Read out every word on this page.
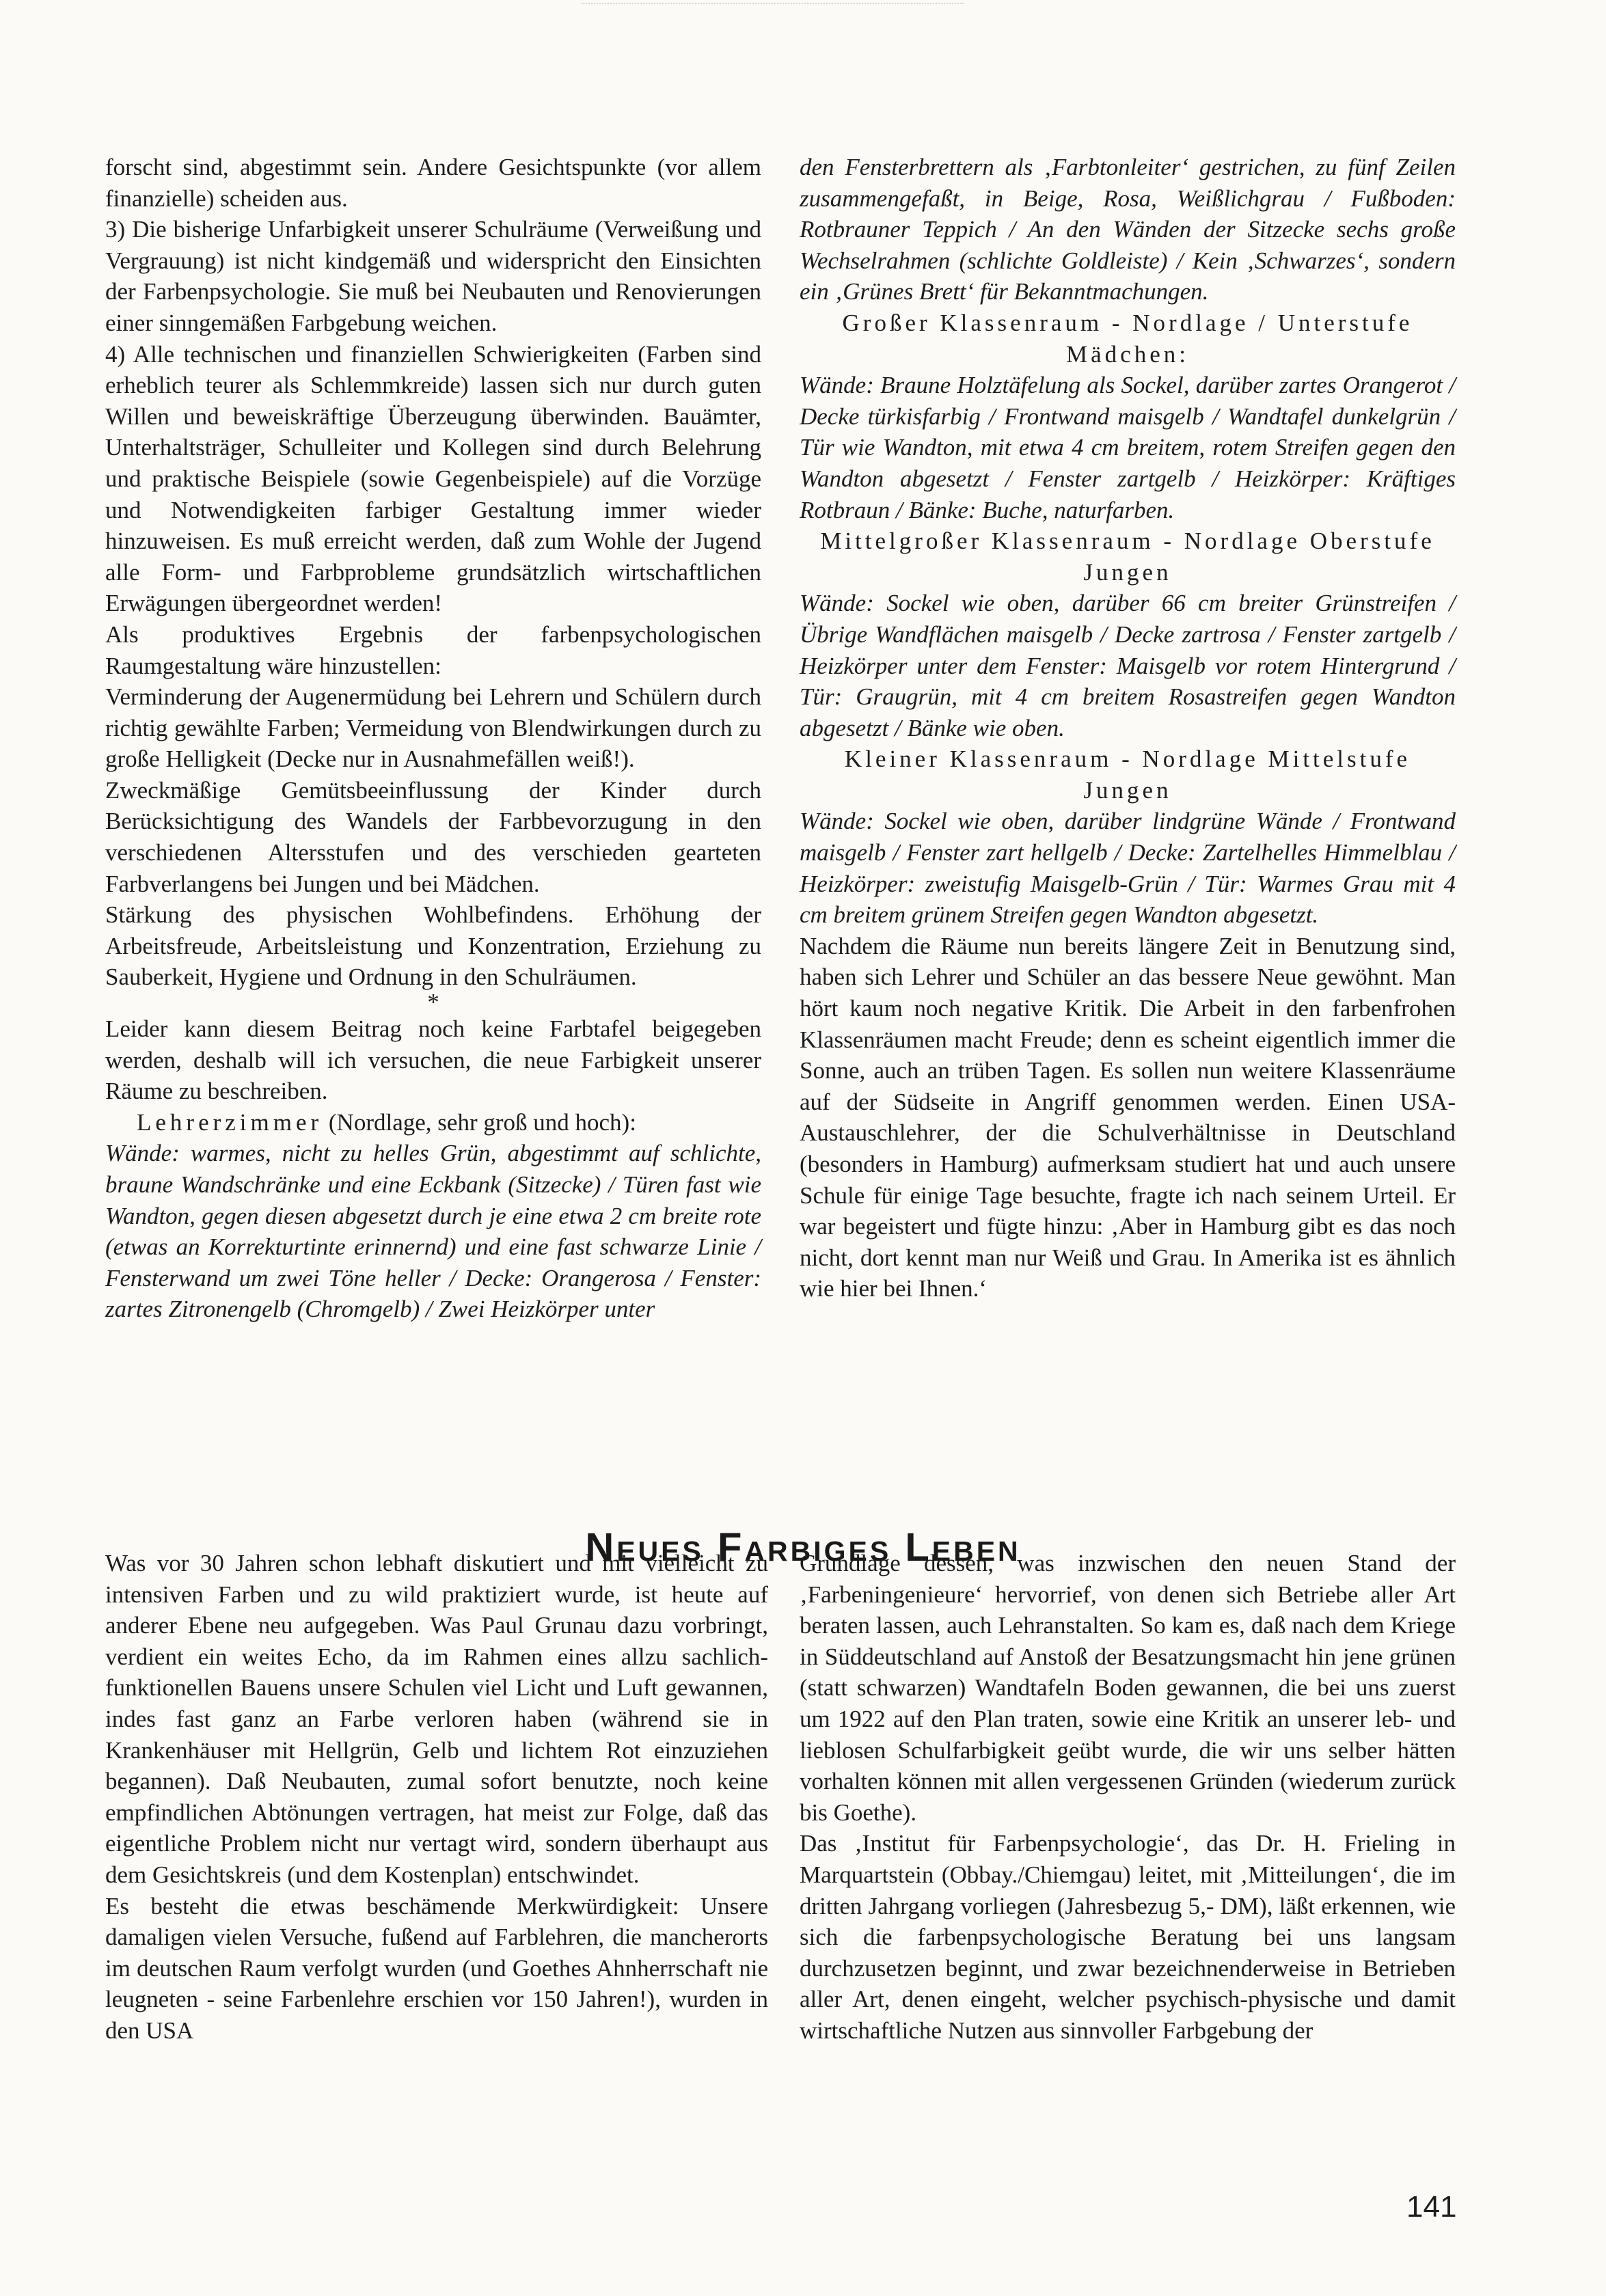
forscht sind, abgestimmt sein. Andere Gesichtspunkte (vor allem finanzielle) scheiden aus.

3) Die bisherige Unfarbigkeit unserer Schulräume (Verweißung und Vergrauung) ist nicht kindgemäß und widerspricht den Einsichten der Farbenpsychologie. Sie muß bei Neubauten und Renovierungen einer sinngemäßen Farbgebung weichen.

4) Alle technischen und finanziellen Schwierigkeiten (Farben sind erheblich teurer als Schlemmkreide) lassen sich nur durch guten Willen und beweiskräftige Überzeugung überwinden. Bauämter, Unterhaltsträger, Schulleiter und Kollegen sind durch Belehrung und praktische Beispiele (sowie Gegenbeispiele) auf die Vorzüge und Notwendigkeiten farbiger Gestaltung immer wieder hinzuweisen. Es muß erreicht werden, daß zum Wohle der Jugend alle Form- und Farbprobleme grundsätzlich wirtschaftlichen Erwägungen übergeordnet werden!

Als produktives Ergebnis der farbenpsychologischen Raumgestaltung wäre hinzustellen:

Verminderung der Augenermüdung bei Lehrern und Schülern durch richtig gewählte Farben; Vermeidung von Blendwirkungen durch zu große Helligkeit (Decke nur in Ausnahmefällen weiß!).

Zweckmäßige Gemütsbeeinflussung der Kinder durch Berücksichtigung des Wandels der Farbbevorzugung in den verschiedenen Altersstufen und des verschieden gearteten Farbverlangens bei Jungen und bei Mädchen.

Stärkung des physischen Wohlbefindens. Erhöhung der Arbeitsfreude, Arbeitsleistung und Konzentration, Erziehung zu Sauberkeit, Hygiene und Ordnung in den Schulräumen.

*

Leider kann diesem Beitrag noch keine Farbtafel beigegeben werden, deshalb will ich versuchen, die neue Farbigkeit unserer Räume zu beschreiben.

Lehrerzimmer (Nordlage, sehr groß und hoch):

Wände: warmes, nicht zu helles Grün, abgestimmt auf schlichte, braune Wandschränke und eine Eckbank (Sitzecke) / Türen fast wie Wandton, gegen diesen abgesetzt durch je eine etwa 2 cm breite rote (etwas an Korrekturtinte erinnernd) und eine fast schwarze Linie / Fensterwand um zwei Töne heller / Decke: Orangerosa / Fenster: zartes Zitronengelb (Chromgelb) / Zwei Heizkörper unter

den Fensterbrettern als ‚Farbtonleiter‘ gestrichen, zu fünf Zeilen zusammengefaßt, in Beige, Rosa, Weißlichgrau / Fußboden: Rotbrauner Teppich / An den Wänden der Sitzecke sechs große Wechselrahmen (schlichte Goldleiste) / Kein ‚Schwarzes‘, sondern ein ‚Grünes Brett‘ für Bekanntmachungen.

Großer Klassenraum - Nordlage / Unterstufe Mädchen:

Wände: Braune Holztäfelung als Sockel, darüber zartes Orangerot / Decke türkisfarbig / Frontwand maisgelb / Wandtafel dunkelgrün / Tür wie Wandton, mit etwa 4 cm breitem, rotem Streifen gegen den Wandton abgesetzt / Fenster zartgelb / Heizkörper: Kräftiges Rotbraun / Bänke: Buche, naturfarben.

Mittelgroßer Klassenraum - Nordlage Oberstufe Jungen

Wände: Sockel wie oben, darüber 66 cm breiter Grünstreifen / Übrige Wandflächen maisgelb / Decke zartrosa / Fenster zartgelb / Heizkörper unter dem Fenster: Maisgelb vor rotem Hintergrund / Tür: Graugrün, mit 4 cm breitem Rosastreifen gegen Wandton abgesetzt / Bänke wie oben.

Kleiner Klassenraum - Nordlage Mittelstufe Jungen

Wände: Sockel wie oben, darüber lindgrüne Wände / Frontwand maisgelb / Fenster zart hellgelb / Decke: Zartelhelles Himmelblau / Heizkörper: zweistufig Maisgelb-Grün / Tür: Warmes Grau mit 4 cm breitem grünem Streifen gegen Wandton abgesetzt.

Nachdem die Räume nun bereits längere Zeit in Benutzung sind, haben sich Lehrer und Schüler an das bessere Neue gewöhnt. Man hört kaum noch negative Kritik. Die Arbeit in den farbenfrohen Klassenräumen macht Freude; denn es scheint eigentlich immer die Sonne, auch an trüben Tagen. Es sollen nun weitere Klassenräume auf der Südseite in Angriff genommen werden. Einen USA-Austauschlehrer, der die Schulverhältnisse in Deutschland (besonders in Hamburg) aufmerksam studiert hat und auch unsere Schule für einige Tage besuchte, fragte ich nach seinem Urteil. Er war begeistert und fügte hinzu: ‚Aber in Hamburg gibt es das noch nicht, dort kennt man nur Weiß und Grau. In Amerika ist es ähnlich wie hier bei Ihnen.‘

Neues Farbiges Leben

Was vor 30 Jahren schon lebhaft diskutiert und mit vielleicht zu intensiven Farben und zu wild praktiziert wurde, ist heute auf anderer Ebene neu aufgegeben. Was Paul Grunau dazu vorbringt, verdient ein weites Echo, da im Rahmen eines allzu sachlich-funktionellen Bauens unsere Schulen viel Licht und Luft gewannen, indes fast ganz an Farbe verloren haben (während sie in Krankenhäuser mit Hellgrün, Gelb und lichtem Rot einzuziehen begannen). Daß Neubauten, zumal sofort benutzte, noch keine empfindlichen Abtönungen vertragen, hat meist zur Folge, daß das eigentliche Problem nicht nur vertagt wird, sondern überhaupt aus dem Gesichtskreis (und dem Kostenplan) entschwindet.

Es besteht die etwas beschämende Merkwürdigkeit: Unsere damaligen vielen Versuche, fußend auf Farblehren, die mancherorts im deutschen Raum verfolgt wurden (und Goethes Ahnherrschaft nie leugneten - seine Farbenlehre erschien vor 150 Jahren!), wurden in den USA

Grundlage dessen, was inzwischen den neuen Stand der ‚Farbeningenieure‘ hervorrief, von denen sich Betriebe aller Art beraten lassen, auch Lehranstalten. So kam es, daß nach dem Kriege in Süddeutschland auf Anstoß der Besatzungsmacht hin jene grünen (statt schwarzen) Wandtafeln Boden gewannen, die bei uns zuerst um 1922 auf den Plan traten, sowie eine Kritik an unserer leb- und lieblosen Schulfarbigkeit geübt wurde, die wir uns selber hätten vorhalten können mit allen vergessenen Gründen (wiederum zurück bis Goethe).

Das ‚Institut für Farbenpsychologie‘, das Dr. H. Frieling in Marquartstein (Obbay./Chiemgau) leitet, mit ‚Mitteilungen‘, die im dritten Jahrgang vorliegen (Jahresbezug 5,- DM), läßt erkennen, wie sich die farbenpsychologische Beratung bei uns langsam durchzusetzen beginnt, und zwar bezeichnenderweise in Betrieben aller Art, denen eingeht, welcher psychisch-physische und damit wirtschaftliche Nutzen aus sinnvoller Farbgebung der

141
